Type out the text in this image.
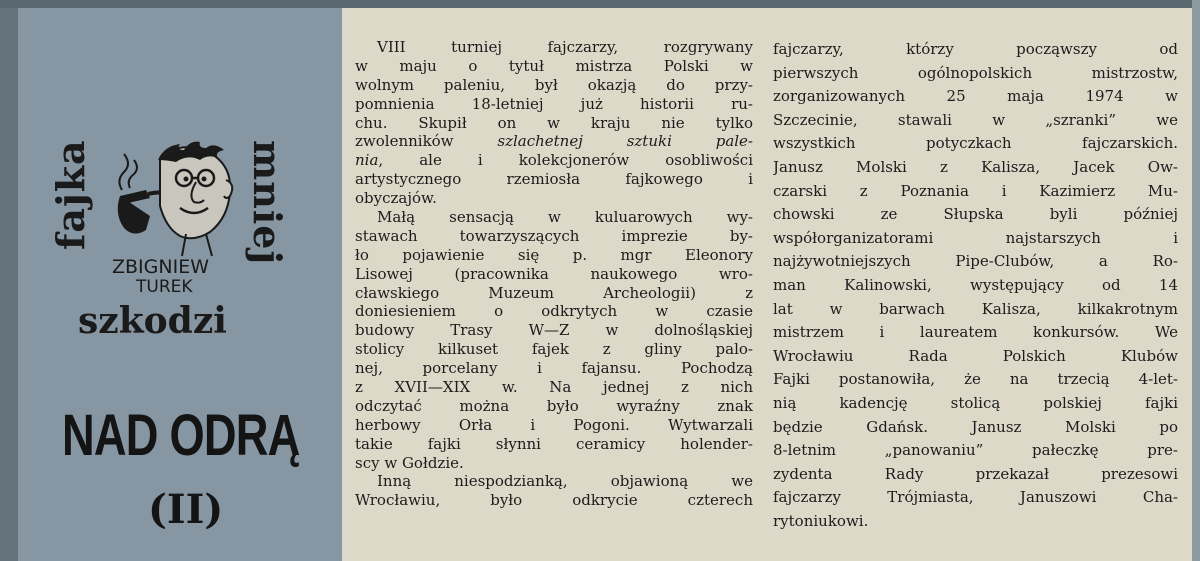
fajka	mniej
ZBIGNIEW
TUREK
szkodzi
NAD ODRĄ
(II)
VIII turniej fajczarzy, rozgrywany
w maju o tytuł mistrza Polski w
wolnym paleniu, był okazją do przy-
pomnienia 18-letniej już historii ru-
chu. Skupił on w kraju nie tylko
zwolenników szlachetnej sztuki pale-
nia, ale i kolekcjonerów osobliwości
artystycznego rzemiosła fajkowego i
obyczajów.
Małą sensacją w kuluarowych wy-
stawach towarzyszących imprezie by-
ło pojawienie się p. mgr Eleonory
Lisowej (pracownika naukowego wro-
cławskiego Muzeum Archeologii) z
doniesieniem o odkrytych w czasie
budowy Trasy W—Z w dolnośląskiej
stolicy kilkuset fajek z gliny palo-
nej, porcelany i fajansu. Pochodzą
z XVII—XIX w. Na jednej z nich
odczytać można było wyraźny znak
herbowy Orła i Pogoni. Wytwarzali
takie fajki słynni ceramicy holender-
scy w Gołdzie.
Inną niespodzianką, objawioną we
Wrocławiu, było odkrycie czterech
fajczarzy, którzy począwszy od
pierwszych ogólnopolskich mistrzostw,
zorganizowanych 25 maja 1974 w
Szczecinie, stawali w „szranki” we
wszystkich potyczkach fajczarskich.
Janusz Molski z Kalisza, Jacek Ow-
czarski z Poznania i Kazimierz Mu-
chowski ze Słupska byli później
współorganizatorami najstarszych i
najżywotniejszych Pipe-Clubów, a Ro-
man Kalinowski, występujący od 14
lat w barwach Kalisza, kilkakrotnym
mistrzem i laureatem konkursów. We
Wrocławiu Rada Polskich Klubów
Fajki postanowiła, że na trzecią 4-let-
nią kadencję stolicą polskiej fajki
będzie Gdańsk. Janusz Molski po
8-letnim „panowaniu” pałeczkę pre-
zydenta Rady przekazał prezesowi
fajczarzy Trójmiasta, Januszowi Cha-
rytoniukowi.
